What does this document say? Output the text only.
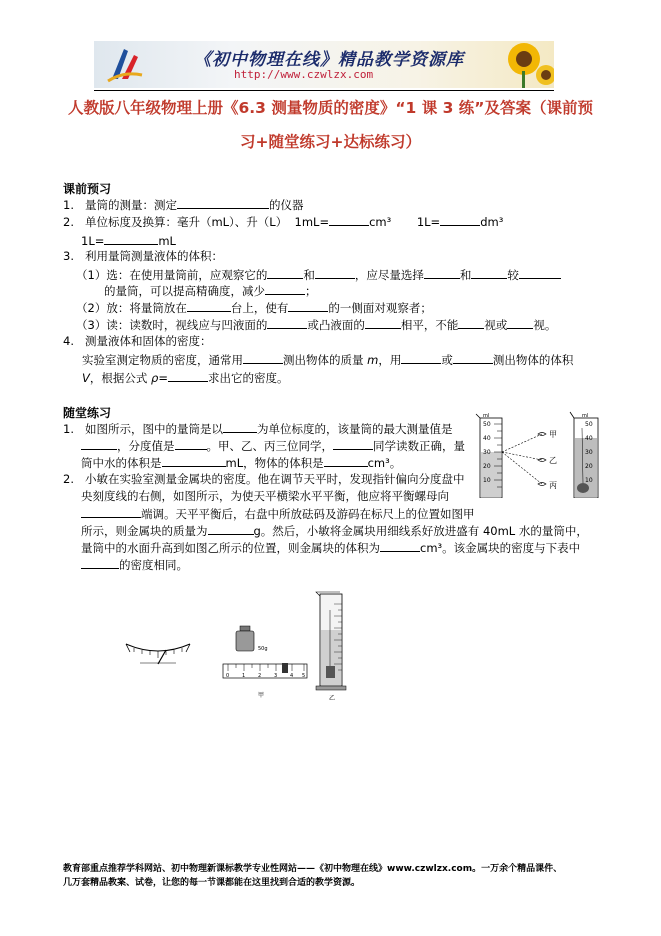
《初中物理在线》精品教学资源库
http://www.czwlzx.com
人教版八年级物理上册《6.3 测量物质的密度》“1 课 3 练”及答案（课前预
习+随堂练习+达标练习）
课前预习
1. 量筒的测量：测定	的仪器
2. 单位标度及换算：毫升（mL）、升（L） 1mL=	cm³ 1L=	dm³
1L=	mL
3. 利用量筒测量液体的体积：
（1）选：在使用量筒前，应观察它的	和	，应尽量选择	和	较
的量筒，可以提高精确度，减少	；
（2）放：将量筒放在	台上，使有	的一侧面对观察者；
（3）读：读数时，视线应与凹液面的	或凸液面的	相平，不能 视或 视。
4. 测量液体和固体的密度：
实验室测定物质的密度，通常用	测出物体的质量 m，用	或	测出物体的体积
V，根据公式 ρ=	求出它的密度。
随堂练习
1. 如图所示，图中的量筒是以	为单位标度的，该量筒的最大测量值是
，分度值是	。甲、乙、丙三位同学，	同学读数正确，量
筒中水的体积是	mL，物体的体积是	cm³。
2. 小敏在实验室测量金属块的密度。他在调节天平时，发现指针偏向分度盘中
央刻度线的右侧，如图所示，为使天平横梁水平平衡，他应将平衡螺母向
端调。天平平衡后，右盘中所放砝码及游码在标尺上的位置如图甲
所示，则金属块的质量为	g。然后，小敏将金属块用细线系好放进盛有 40mL 水的量筒中，
量筒中的水面升高到如图乙所示的位置，则金属块的体积为	cm³。该金属块的密度与下表中
的密度相同。
ml
50
40
30
20
10
甲
乙
丙
ml
50
40
30
20
10
50g
0	1	2	3	4 5
甲	乙
教育部重点推荐学科网站、初中物理新课标教学专业性网站——《初中物理在线》www.czwlzx.com。一万余个精品课件、
几万套精品教案、试卷，让您的每一节课都能在这里找到合适的教学资源。
